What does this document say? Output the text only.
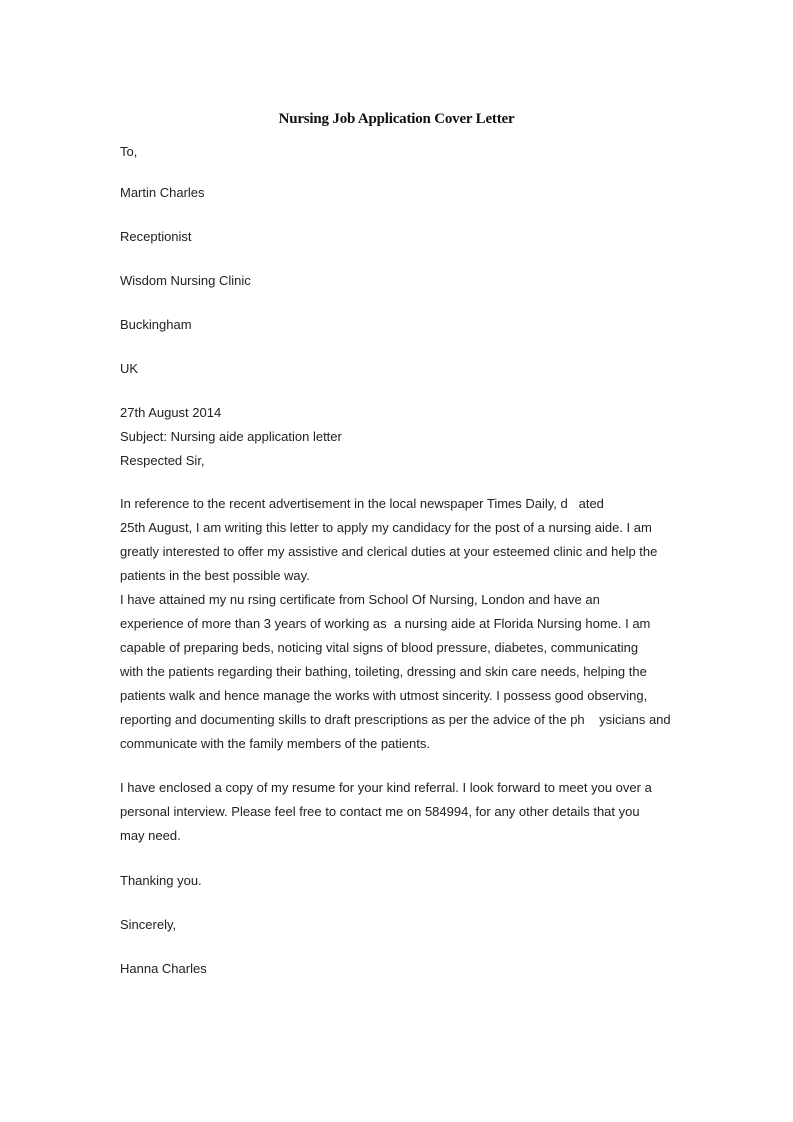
Nursing Job Application Cover Letter
To,
Martin Charles
Receptionist
Wisdom Nursing Clinic
Buckingham
UK
27th August 2014
Subject: Nursing aide application letter
Respected Sir,
In reference to the recent advertisement in the local newspaper Times Daily, d   ated
25th August, I am writing this letter to apply my candidacy for the post of a nursing aide. I am
greatly interested to offer my assistive and clerical duties at your esteemed clinic and help the
patients in the best possible way.
I have attained my nu rsing certificate from School Of Nursing, London and have an
experience of more than 3 years of working as  a nursing aide at Florida Nursing home. I am
capable of preparing beds, noticing vital signs of blood pressure, diabetes, communicating
with the patients regarding their bathing, toileting, dressing and skin care needs, helping the
patients walk and hence manage the works with utmost sincerity. I possess good observing,
reporting and documenting skills to draft prescriptions as per the advice of the ph    ysicians and
communicate with the family members of the patients.
I have enclosed a copy of my resume for your kind referral. I look forward to meet you over a
personal interview. Please feel free to contact me on 584994, for any other details that you
may need.
Thanking you.
Sincerely,
Hanna Charles
